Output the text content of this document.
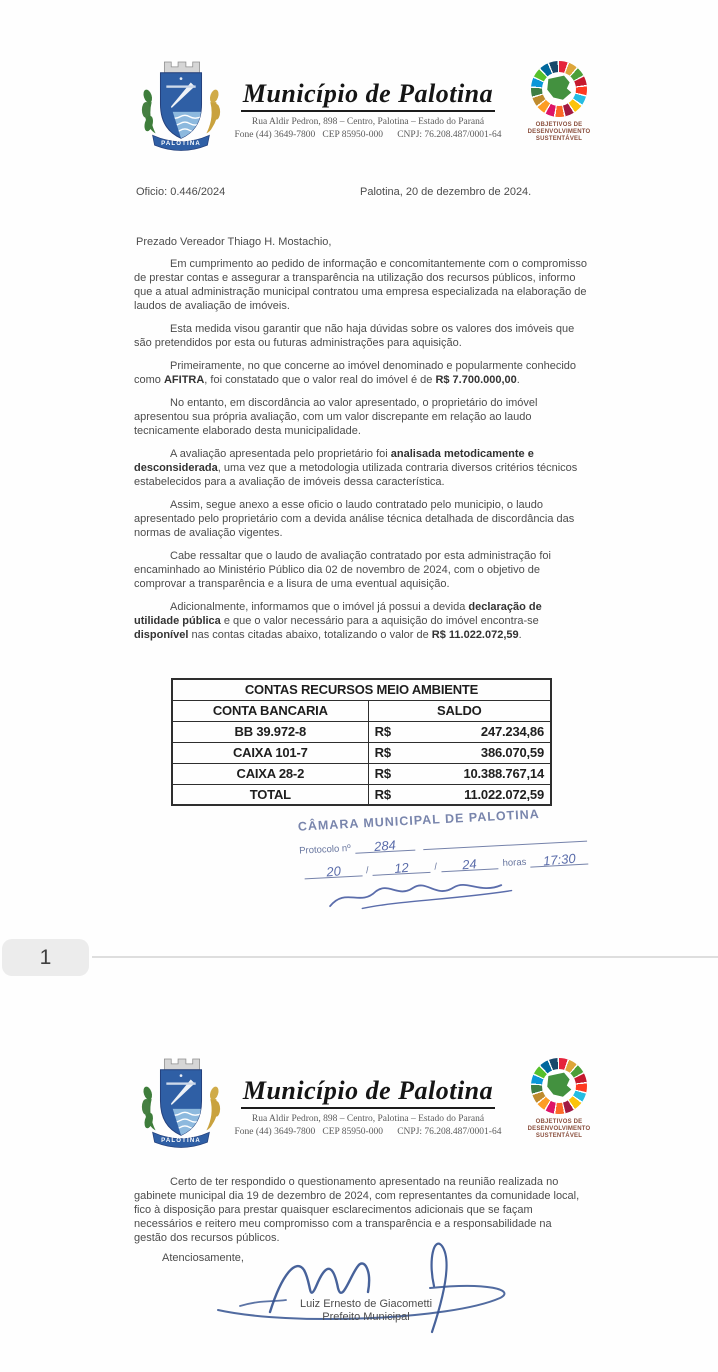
PALOTINA
Município de Palotina
Rua Aldir Pedron, 898 – Centro, Palotina – Estado do Paraná
Fone (44) 3649-7800   CEP 85950-000      CNPJ: 76.208.487/0001-64
OBJETIVOS DE DESENVOLVIMENTO SUSTENTÁVEL
Oficio: 0.446/2024	Palotina, 20 de dezembro de 2024.
Prezado Vereador Thiago H. Mostachio,

Em cumprimento ao pedido de informação e concomitantemente com o compromisso de prestar contas e assegurar a transparência na utilização dos recursos públicos, informo que a atual administração municipal contratou uma empresa especializada na elaboração de laudos de avaliação de imóveis.

Esta medida visou garantir que não haja dúvidas sobre os valores dos imóveis que são pretendidos por esta ou futuras administrações para aquisição.

Primeiramente, no que concerne ao imóvel denominado e popularmente conhecido como AFITRA, foi constatado que o valor real do imóvel é de R$ 7.700.000,00.

No entanto, em discordância ao valor apresentado, o proprietário do imóvel apresentou sua própria avaliação, com um valor discrepante em relação ao laudo tecnicamente elaborado desta municipalidade.

A avaliação apresentada pelo proprietário foi analisada metodicamente e desconsiderada, uma vez que a metodologia utilizada contraria diversos critérios técnicos estabelecidos para a avaliação de imóveis dessa característica.

Assim, segue anexo a esse oficio o laudo contratado pelo municipio, o laudo apresentado pelo proprietário com a devida análise técnica detalhada de discordância das normas de avaliação vigentes.

Cabe ressaltar que o laudo de avaliação contratado por esta administração foi encaminhado ao Ministério Público dia 02 de novembro de 2024, com o objetivo de comprovar a transparência e a lisura de uma eventual aquisição.

Adicionalmente, informamos que o imóvel já possui a devida declaração de utilidade pública e que o valor necessário para a aquisição do imóvel encontra-se disponível nas contas citadas abaixo, totalizando o valor de R$ 11.022.072,59.

CONTAS RECURSOS MEIO AMBIENTE		
CONTA BANCARIA	SALDO	
BB 39.972-8	R$	247.234,86
CAIXA 101-7	R$	386.070,59
CAIXA 28-2	R$	10.388.767,14
TOTAL	R$	11.022.072,59
CÂMARA MUNICIPAL DE PALOTINA
Protocolo nº	284
20	/	12	/	24	horas	17:30
1
PALOTINA
Município de Palotina
Rua Aldir Pedron, 898 – Centro, Palotina – Estado do Paraná
Fone (44) 3649-7800   CEP 85950-000      CNPJ: 76.208.487/0001-64
OBJETIVOS DE DESENVOLVIMENTO SUSTENTÁVEL

Certo de ter respondido o questionamento apresentado na reunião realizada no gabinete municipal dia 19 de dezembro de 2024, com representantes da comunidade local, fico à disposição para prestar quaisquer esclarecimentos adicionais que se façam necessários e reitero meu compromisso com a transparência e a responsabilidade na gestão dos recursos públicos.

Atenciosamente,
Luiz Ernesto de Giacometti
Prefeito Municipal
